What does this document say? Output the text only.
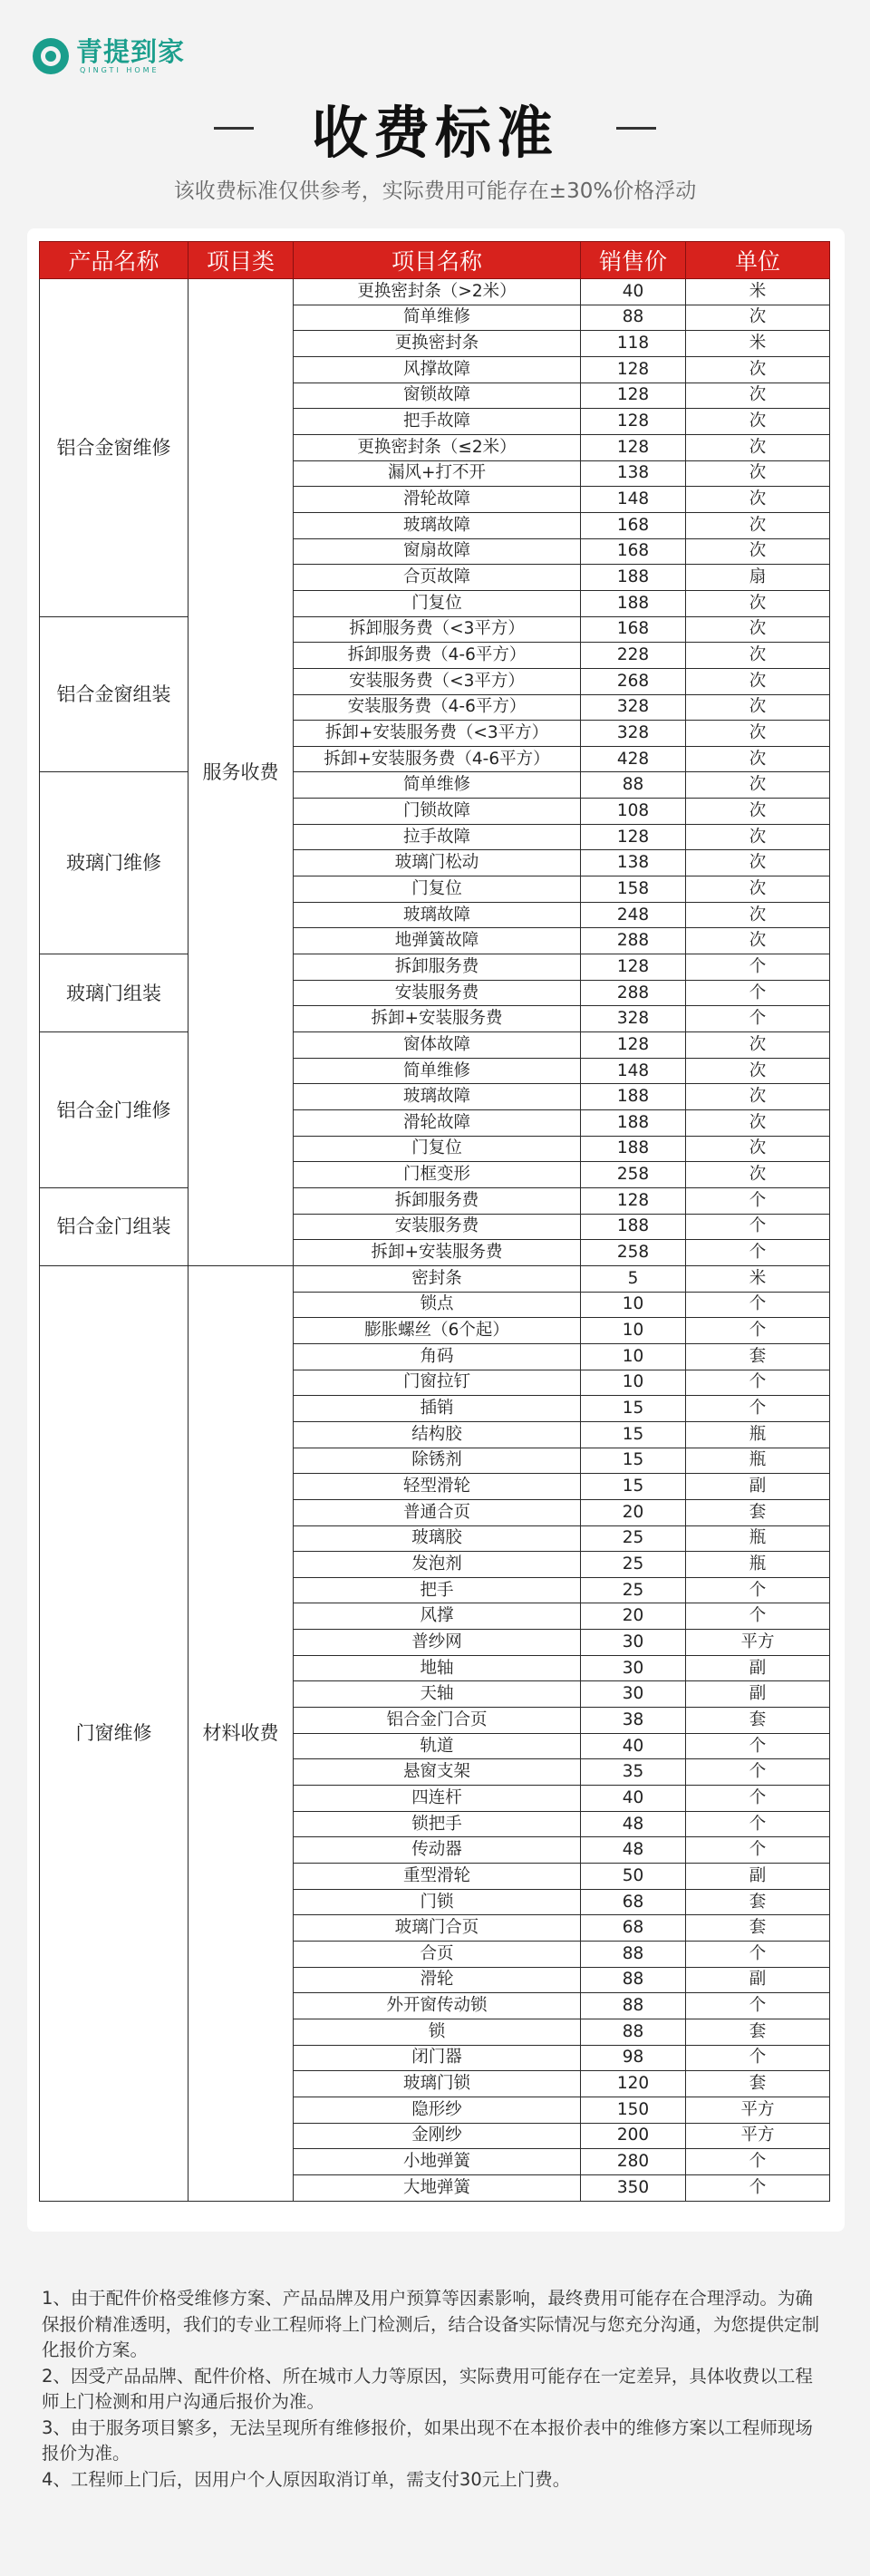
青提到家
QINGTI HOME
收费标准
该收费标准仅供参考，实际费用可能存在±30%价格浮动
产品名称	项目类	项目名称	销售价	单位
铝合金窗维修	服务收费	更换密封条（>2米）	40	米
		简单维修	88	次
		更换密封条	118	米
		风撑故障	128	次
		窗锁故障	128	次
		把手故障	128	次
		更换密封条（≤2米）	128	次
		漏风+打不开	138	次
		滑轮故障	148	次
		玻璃故障	168	次
		窗扇故障	168	次
		合页故障	188	扇
		门复位	188	次
铝合金窗组装		拆卸服务费（<3平方）	168	次
		拆卸服务费（4-6平方）	228	次
		安装服务费（<3平方）	268	次
		安装服务费（4-6平方）	328	次
		拆卸+安装服务费（<3平方）	328	次
		拆卸+安装服务费（4-6平方）	428	次
玻璃门维修		简单维修	88	次
		门锁故障	108	次
		拉手故障	128	次
		玻璃门松动	138	次
		门复位	158	次
		玻璃故障	248	次
		地弹簧故障	288	次
玻璃门组装		拆卸服务费	128	个
		安装服务费	288	个
		拆卸+安装服务费	328	个
铝合金门维修		窗体故障	128	次
		简单维修	148	次
		玻璃故障	188	次
		滑轮故障	188	次
		门复位	188	次
		门框变形	258	次
铝合金门组装		拆卸服务费	128	个
		安装服务费	188	个
		拆卸+安装服务费	258	个
门窗维修	材料收费	密封条	5	米
		锁点	10	个
		膨胀螺丝（6个起）	10	个
		角码	10	套
		门窗拉钉	10	个
		插销	15	个
		结构胶	15	瓶
		除锈剂	15	瓶
		轻型滑轮	15	副
		普通合页	20	套
		玻璃胶	25	瓶
		发泡剂	25	瓶
		把手	25	个
		风撑	20	个
		普纱网	30	平方
		地轴	30	副
		天轴	30	副
		铝合金门合页	38	套
		轨道	40	个
		悬窗支架	35	个
		四连杆	40	个
		锁把手	48	个
		传动器	48	个
		重型滑轮	50	副
		门锁	68	套
		玻璃门合页	68	套
		合页	88	个
		滑轮	88	副
		外开窗传动锁	88	个
		锁	88	套
		闭门器	98	个
		玻璃门锁	120	套
		隐形纱	150	平方
		金刚纱	200	平方
		小地弹簧	280	个
		大地弹簧	350	个

1、由于配件价格受维修方案、产品品牌及用户预算等因素影响，最终费用可能存在合理浮动。为确保报价精准透明，我们的专业工程师将上门检测后，结合设备实际情况与您充分沟通，为您提供定制化报价方案。

2、因受产品品牌、配件价格、所在城市人力等原因，实际费用可能存在一定差异，具体收费以工程师上门检测和用户沟通后报价为准。

3、由于服务项目繁多，无法呈现所有维修报价，如果出现不在本报价表中的维修方案以工程师现场报价为准。

4、工程师上门后，因用户个人原因取消订单，需支付30元上门费。
